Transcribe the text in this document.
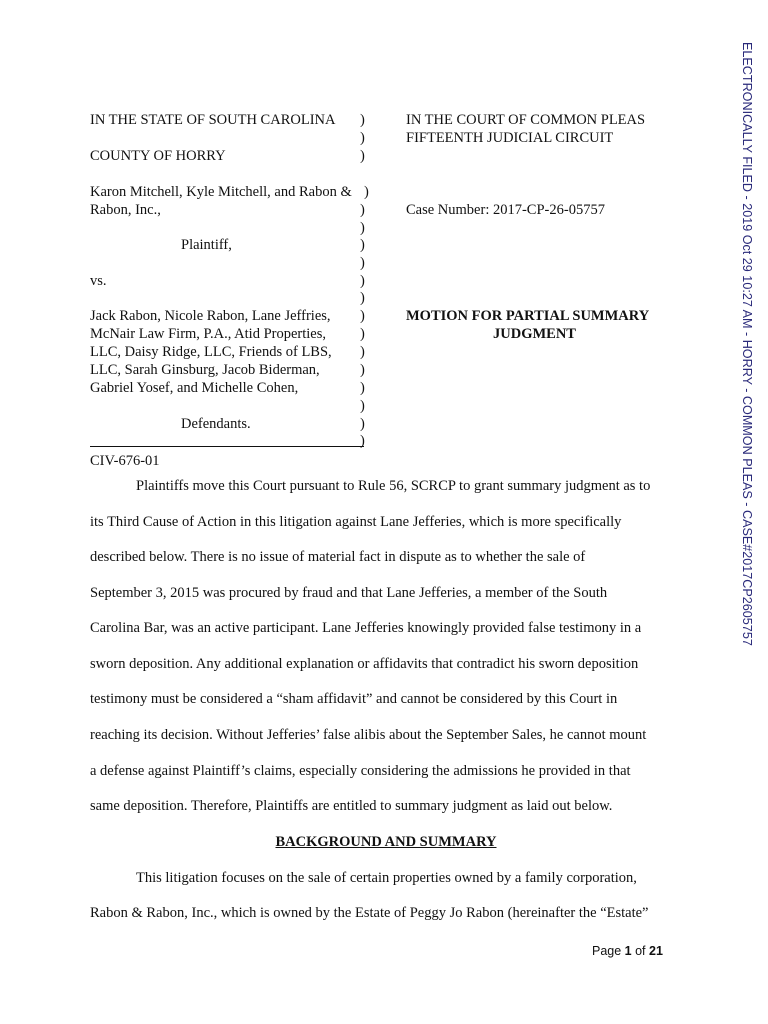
ELECTRONICALLY FILED - 2019 Oct 29 10:27 AM - HORRY - COMMON PLEAS - CASE#2017CP2605757
IN THE STATE OF SOUTH CAROLINA
COUNTY OF HORRY
Karon Mitchell, Kyle Mitchell, and Rabon &
Rabon, Inc.,
Plaintiff,
vs.
Jack Rabon, Nicole Rabon, Lane Jeffries,
McNair Law Firm, P.A., Atid Properties,
LLC, Daisy Ridge, LLC, Friends of LBS,
LLC, Sarah Ginsburg, Jacob Biderman,
Gabriel Yosef, and Michelle Cohen,
Defendants.
)
)
)
)
)
)
)
)
)
)
)
)
)
)
)
)
)
)
IN THE COURT OF COMMON PLEAS
FIFTEENTH JUDICIAL CIRCUIT
Case Number: 2017-CP-26-05757
MOTION FOR PARTIAL SUMMARY
JUDGMENT
CIV-676-01
Plaintiffs move this Court pursuant to Rule 56, SCRCP to grant summary judgment as to
its Third Cause of Action in this litigation against Lane Jefferies, which is more specifically
described below. There is no issue of material fact in dispute as to whether the sale of
September 3, 2015 was procured by fraud and that Lane Jefferies, a member of the South
Carolina Bar, was an active participant. Lane Jefferies knowingly provided false testimony in a
sworn deposition. Any additional explanation or affidavits that contradict his sworn deposition
testimony must be considered a “sham affidavit” and cannot be considered by this Court in
reaching its decision. Without Jefferies’ false alibis about the September Sales, he cannot mount
a defense against Plaintiff’s claims, especially considering the admissions he provided in that
same deposition. Therefore, Plaintiffs are entitled to summary judgment as laid out below.
BACKGROUND AND SUMMARY
This litigation focuses on the sale of certain properties owned by a family corporation,
Rabon & Rabon, Inc., which is owned by the Estate of Peggy Jo Rabon (hereinafter the “Estate”
Page 1 of 21
